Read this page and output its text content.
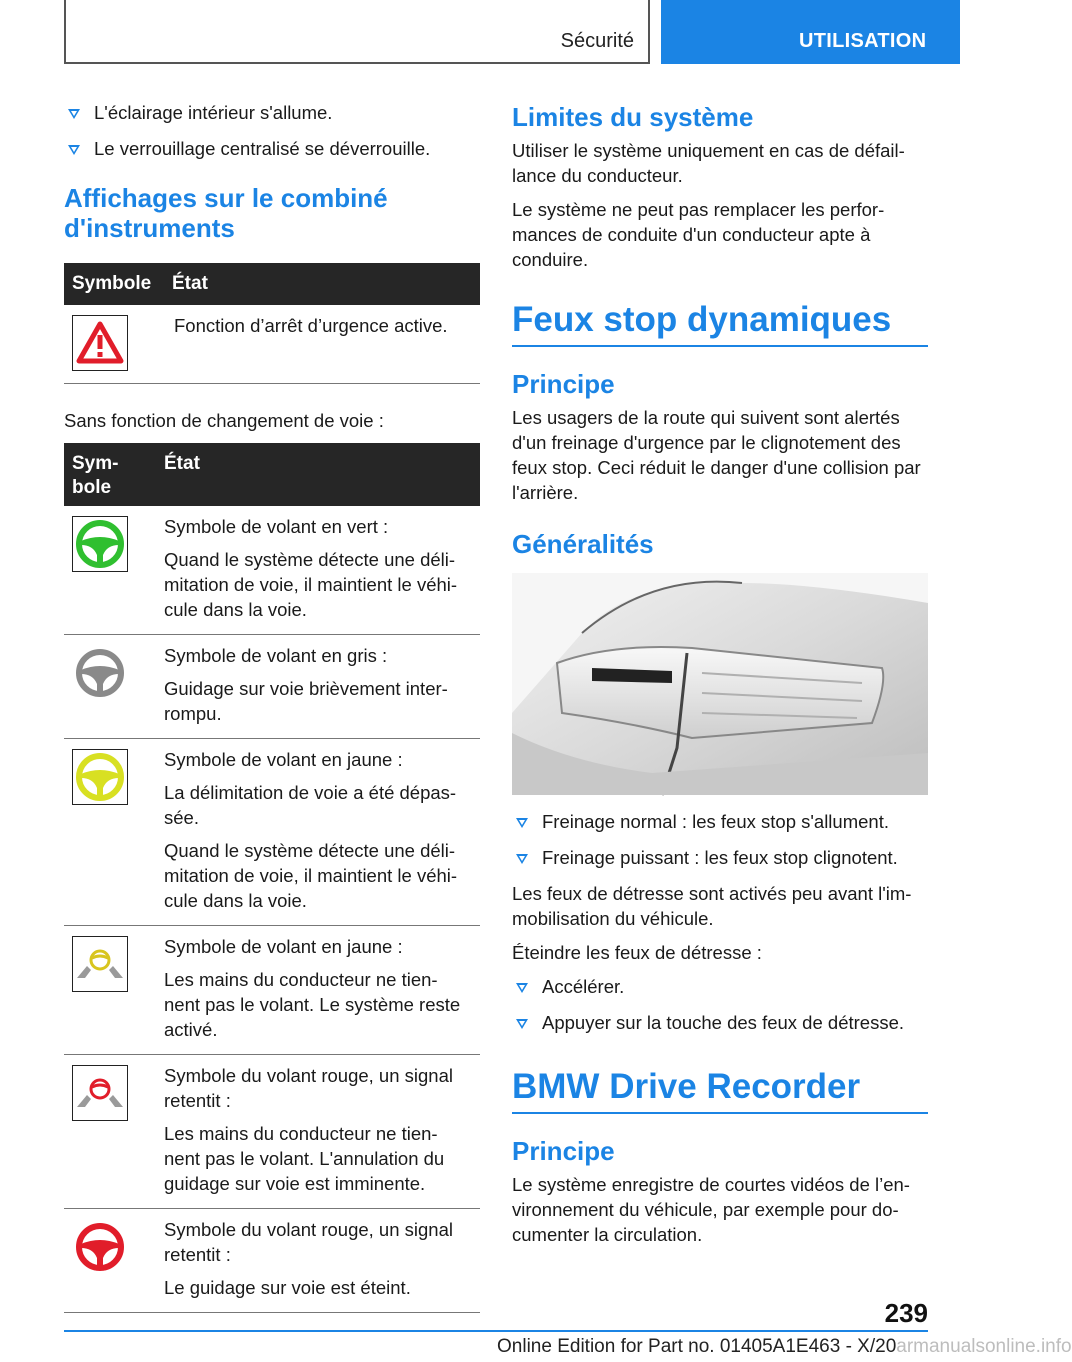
Sécurité	UTILISATION
L'éclairage intérieur s'allume.
Le verrouillage centralisé se déverrouille.
Affichages sur le combiné d'instruments
Symbole	État

Fonction d’arrêt d’urgence active.

Sans fonction de changement de voie :

Sym-
bole	État

Symbole de volant en vert :

Quand le système détecte une déli- mitation de voie, il maintient le véhi- cule dans la voie.

Symbole de volant en gris :

Guidage sur voie brièvement inter- rompu.

Symbole de volant en jaune :

La délimitation de voie a été dépas- sée.

Quand le système détecte une déli- mitation de voie, il maintient le véhi- cule dans la voie.

Symbole de volant en jaune :

Les mains du conducteur ne tien- nent pas le volant. Le système reste activé.

Symbole du volant rouge, un signal retentit :

Les mains du conducteur ne tien- nent pas le volant. L'annulation du guidage sur voie est imminente.

Symbole du volant rouge, un signal retentit :

Le guidage sur voie est éteint.

Limites du système

Utiliser le système uniquement en cas de défail- lance du conducteur.

Le système ne peut pas remplacer les perfor- mances de conduite d'un conducteur apte à conduire.

Feux stop dynamiques
Principe

Les usagers de la route qui suivent sont alertés d'un freinage d'urgence par le clignotement des feux stop. Ceci réduit le danger d'une collision par l'arrière.

Généralités
Freinage normal : les feux stop s'allument.
Freinage puissant : les feux stop clignotent.

Les feux de détresse sont activés peu avant l'im- mobilisation du véhicule.

Éteindre les feux de détresse :

Accélérer.
Appuyer sur la touche des feux de détresse.
BMW Drive Recorder
Principe

Le système enregistre de courtes vidéos de l’en- vironnement du véhicule, par exemple pour do- cumenter la circulation.

239
Online Edition for Part no. 01405A1E463 - X/20armanualsonline.info
